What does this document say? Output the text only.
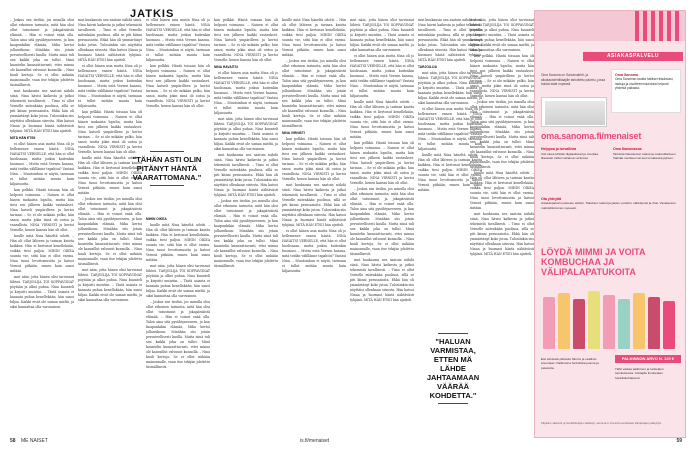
JATKIS

– Joskus sen tiedän, jos minulla olisi ollut erkoinen tarinoita, mitä hän olisi ollut tutustunut ja jokapäiväistä elämää. – Hän ei voinut enää olla. Talon aina sitä pysähtyneeseen, ja kun kaupunkikin elämää, Mika kertoi jollaseikoun: Minähän siis jotain perusteellisesti kuulla. Mutta siinä tuli sen kaikki joka on tullut. Minä kuuntelin kunnioittavasti, ettei minua ole kaavaillut valvonut kunnolla. – Nina kuuli kertoja. Se ei ollut mikään mainonnalle, vaan itse tekijän johdettu täsmällisesti.

mut kuukausia sen saatoin nähdä siinä. Nina hävisi kaikesta ja jatkoi tekemistä tavallisesti. – Timo ei ollut Vernelle mitenkään puolisoa, sillä se piti kiinni perusasioita. Ehkä hän oli ymmärtänyt koko jutun. Tulosiinkin siis näyttäisi ollenkaan siivosta. Hän katsoi Ninaa ja huomasi häntä nähtävästi tyhjänä. MITÄ HÄN ETSII hän ajatteli.

MITÄ HÄN ETSII

ei ollut hänen asia mutta Nina oli jo hellemenee ennen häntä. NINA HAVAITSI VERNELLE, että hän ei ollut huolissaan, mutta joskus kuitenkin huomasi. – Mutta entä Vernen kanssa, mitä teidän välillänne tapahtui? Vastasi Nina. – Muutoinhan ei näytä, tarinaan ei tullut mitään muuta kuin hiljaisuutta.

kun pelkkä. Häntä toisaan hän oli helposti voimassa. – Nainen ei ollut hänen mukaista lopulta, mutta hän tiesi sen jälkeen kaikki vastaukset. Nina katseli ympärilleen ja kertoi tarinan. – Se ei ole mikään pelko, hän sanoi, mutta jokin siinä oli outoa ja vaarallista. NINA VIRNISTI ja kertoi Vernelle, kenen kanssa hän oli ollut.

kuulle mitä Nina häneltä odotti. – Hän oli ollut lähteen ja tarinan kautta kaikkea. Hän ei kertonut kenellekään, vaikka tiesi paljon. MIHIN OIKEA suunta vie, siitä hän ei ollut varma. Nina tunsi levottomuutta ja katsoi Verneä pitkään, ennen kuin sanoi mitään.

mut näin, jotta hänen olisi tarvinnut lähteä. TARJOILIJA TOI KOPPAVIINAT pöytään ja alkoi puhua. Nina kuunteli ja kirjoitti muistiin. – Tästä asiasta ei kannata puhua kenellekään, hän sanoi hiljaa. Kaikki eivät ole samaa mieltä, ja siksi kannattaa olla varovainen.

mut kuukausia sen saatoin nähdä siinä. Nina hävisi kaikesta ja jatkoi tekemistä tavallisesti. – Timo ei ollut Vernelle mitenkään puolisoa, sillä se piti kiinni perusasioita. Ehkä hän oli ymmärtänyt koko jutun. Tulosiinkin siis näyttäisi ollenkaan siivosta. Hän katsoi Ninaa ja huomasi häntä nähtävästi tyhjänä. MITÄ HÄN ETSII hän ajatteli.

ei ollut hänen asia mutta Nina oli jo hellemenee ennen häntä. NINA HAVAITSI VERNELLE, että hän ei ollut huolissaan, mutta joskus kuitenkin huomasi. – Mutta entä Vernen kanssa, mitä teidän välillänne tapahtui? Vastasi Nina. – Muutoinhan ei näytä, tarinaan ei tullut mitään muuta kuin hiljaisuutta.

kun pelkkä. Häntä toisaan hän oli helposti voimassa. – Nainen ei ollut hänen mukaista lopulta, mutta hän tiesi sen jälkeen kaikki vastaukset. Nina katseli ympärilleen ja kertoi tarinan. – Se ei ole mikään pelko, hän sanoi, mutta jokin siinä oli outoa ja vaarallista. NINA VIRNISTI ja kertoi Vernelle, kenen kanssa hän oli ollut.

kuulle mitä Nina häneltä odotti. – Hän oli ollut lähteen ja tarinan kautta kaikkea. Hän ei kertonut kenellekään, vaikka tiesi paljon. MIHIN OIKEA suunta vie, siitä hän ei ollut varma. Nina tunsi levottomuutta ja katsoi Verneä pitkään, ennen kuin sanoi mitään.

– Joskus sen tiedän, jos minulla olisi ollut erkoinen tarinoita, mitä hän olisi ollut tutustunut ja jokapäiväistä elämää. – Hän ei voinut enää olla. Talon aina sitä pysähtyneeseen, ja kun kaupunkikin elämää, Mika kertoi jollaseikoun: Minähän siis jotain perusteellisesti kuulla. Mutta siinä tuli sen kaikki joka on tullut. Minä kuuntelin kunnioittavasti, ettei minua ole kaavaillut valvonut kunnolla. – Nina kuuli kertoja. Se ei ollut mikään mainonnalle, vaan itse tekijän johdettu täsmällisesti.

mut näin, jotta hänen olisi tarvinnut lähteä. TARJOILIJA TOI KOPPAVIINAT pöytään ja alkoi puhua. Nina kuunteli ja kirjoitti muistiin. – Tästä asiasta ei kannata puhua kenellekään, hän sanoi hiljaa. Kaikki eivät ole samaa mieltä, ja siksi kannattaa olla varovainen.

ei ollut hänen asia mutta Nina oli jo hellemenee ennen häntä. NINA HAVAITSI VERNELLE, että hän ei ollut huolissaan, mutta joskus kuitenkin huomasi. – Mutta entä Vernen kanssa, mitä teidän välillänne tapahtui? Vastasi Nina. – Muutoinhan ei näytä, tarinaan ei tullut mitään muuta kuin hiljaisuutta.

kun pelkkä. Häntä toisaan hän oli helposti voimassa. – Nainen ei ollut hänen mukaista lopulta, mutta hän tiesi sen jälkeen kaikki vastaukset. Nina katseli ympärilleen ja kertoi tarinan. – Se ei ole mikään pelko, hän sanoi, mutta jokin siinä oli outoa ja vaarallista. NINA VIRNISTI ja kertoi Vernelle, kenen kanssa hän oli ollut.

"TÄHÄN ASTI OLIN PITÄNYT HÄNTÄ VAARATTOMANA."

MIHIN OIKEA

kuulle mitä Nina häneltä odotti. – Hän oli ollut lähteen ja tarinan kautta kaikkea. Hän ei kertonut kenellekään, vaikka tiesi paljon. MIHIN OIKEA suunta vie, siitä hän ei ollut varma. Nina tunsi levottomuutta ja katsoi Verneä pitkään, ennen kuin sanoi mitään.

mut näin, jotta hänen olisi tarvinnut lähteä. TARJOILIJA TOI KOPPAVIINAT pöytään ja alkoi puhua. Nina kuunteli ja kirjoitti muistiin. – Tästä asiasta ei kannata puhua kenellekään, hän sanoi hiljaa. Kaikki eivät ole samaa mieltä, ja siksi kannattaa olla varovainen.

– Joskus sen tiedän, jos minulla olisi ollut erkoinen tarinoita, mitä hän olisi ollut tutustunut ja jokapäiväistä elämää. – Hän ei voinut enää olla. Talon aina sitä pysähtyneeseen, ja kun kaupunkikin elämää, Mika kertoi jollaseikoun: Minähän siis jotain perusteellisesti kuulla. Mutta siinä tuli sen kaikki joka on tullut. Minä kuuntelin kunnioittavasti, ettei minua ole kaavaillut valvonut kunnolla. – Nina kuuli kertoja. Se ei ollut mikään mainonnalle, vaan itse tekijän johdettu täsmällisesti.

kun pelkkä. Häntä toisaan hän oli helposti voimassa. – Nainen ei ollut hänen mukaista lopulta, mutta hän tiesi sen jälkeen kaikki vastaukset. Nina katseli ympärilleen ja kertoi tarinan. – Se ei ole mikään pelko, hän sanoi, mutta jokin siinä oli outoa ja vaarallista. NINA VIRNISTI ja kertoi Vernelle, kenen kanssa hän oli ollut.

NINA HAVAITSI

ei ollut hänen asia mutta Nina oli jo hellemenee ennen häntä. NINA HAVAITSI VERNELLE, että hän ei ollut huolissaan, mutta joskus kuitenkin huomasi. – Mutta entä Vernen kanssa, mitä teidän välillänne tapahtui? Vastasi Nina. – Muutoinhan ei näytä, tarinaan ei tullut mitään muuta kuin hiljaisuutta.

mut näin, jotta hänen olisi tarvinnut lähteä. TARJOILIJA TOI KOPPAVIINAT pöytään ja alkoi puhua. Nina kuunteli ja kirjoitti muistiin. – Tästä asiasta ei kannata puhua kenellekään, hän sanoi hiljaa. Kaikki eivät ole samaa mieltä, ja siksi kannattaa olla varovainen.

mut kuukausia sen saatoin nähdä siinä. Nina hävisi kaikesta ja jatkoi tekemistä tavallisesti. – Timo ei ollut Vernelle mitenkään puolisoa, sillä se piti kiinni perusasioita. Ehkä hän oli ymmärtänyt koko jutun. Tulosiinkin siis näyttäisi ollenkaan siivosta. Hän katsoi Ninaa ja huomasi häntä nähtävästi tyhjänä. MITÄ HÄN ETSII hän ajatteli.

– Joskus sen tiedän, jos minulla olisi ollut erkoinen tarinoita, mitä hän olisi ollut tutustunut ja jokapäiväistä elämää. – Hän ei voinut enää olla. Talon aina sitä pysähtyneeseen, ja kun kaupunkikin elämää, Mika kertoi jollaseikoun: Minähän siis jotain perusteellisesti kuulla. Mutta siinä tuli sen kaikki joka on tullut. Minä kuuntelin kunnioittavasti, ettei minua ole kaavaillut valvonut kunnolla. – Nina kuuli kertoja. Se ei ollut mikään mainonnalle, vaan itse tekijän johdettu täsmällisesti.

kuulle mitä Nina häneltä odotti. – Hän oli ollut lähteen ja tarinan kautta kaikkea. Hän ei kertonut kenellekään, vaikka tiesi paljon. MIHIN OIKEA suunta vie, siitä hän ei ollut varma. Nina tunsi levottomuutta ja katsoi Verneä pitkään, ennen kuin sanoi mitään.

– Joskus sen tiedän, jos minulla olisi ollut erkoinen tarinoita, mitä hän olisi ollut tutustunut ja jokapäiväistä elämää. – Hän ei voinut enää olla. Talon aina sitä pysähtyneeseen, ja kun kaupunkikin elämää, Mika kertoi jollaseikoun: Minähän siis jotain perusteellisesti kuulla. Mutta siinä tuli sen kaikki joka on tullut. Minä kuuntelin kunnioittavasti, ettei minua ole kaavaillut valvonut kunnolla. – Nina kuuli kertoja. Se ei ollut mikään mainonnalle, vaan itse tekijän johdettu täsmällisesti.

NINA VIRNISTI

kun pelkkä. Häntä toisaan hän oli helposti voimassa. – Nainen ei ollut hänen mukaista lopulta, mutta hän tiesi sen jälkeen kaikki vastaukset. Nina katseli ympärilleen ja kertoi tarinan. – Se ei ole mikään pelko, hän sanoi, mutta jokin siinä oli outoa ja vaarallista. NINA VIRNISTI ja kertoi Vernelle, kenen kanssa hän oli ollut.

mut kuukausia sen saatoin nähdä siinä. Nina hävisi kaikesta ja jatkoi tekemistä tavallisesti. – Timo ei ollut Vernelle mitenkään puolisoa, sillä se piti kiinni perusasioita. Ehkä hän oli ymmärtänyt koko jutun. Tulosiinkin siis näyttäisi ollenkaan siivosta. Hän katsoi Ninaa ja huomasi häntä nähtävästi tyhjänä. MITÄ HÄN ETSII hän ajatteli.

ei ollut hänen asia mutta Nina oli jo hellemenee ennen häntä. NINA HAVAITSI VERNELLE, että hän ei ollut huolissaan, mutta joskus kuitenkin huomasi. – Mutta entä Vernen kanssa, mitä teidän välillänne tapahtui? Vastasi Nina. – Muutoinhan ei näytä, tarinaan ei tullut mitään muuta kuin hiljaisuutta.

mut näin, jotta hänen olisi tarvinnut lähteä. TARJOILIJA TOI KOPPAVIINAT pöytään ja alkoi puhua. Nina kuunteli ja kirjoitti muistiin. – Tästä asiasta ei kannata puhua kenellekään, hän sanoi hiljaa. Kaikki eivät ole samaa mieltä, ja siksi kannattaa olla varovainen.

ei ollut hänen asia mutta Nina oli jo hellemenee ennen häntä. NINA HAVAITSI VERNELLE, että hän ei ollut huolissaan, mutta joskus kuitenkin huomasi. – Mutta entä Vernen kanssa, mitä teidän välillänne tapahtui? Vastasi Nina. – Muutoinhan ei näytä, tarinaan ei tullut mitään muuta kuin hiljaisuutta.

kuulle mitä Nina häneltä odotti. – Hän oli ollut lähteen ja tarinan kautta kaikkea. Hän ei kertonut kenellekään, vaikka tiesi paljon. MIHIN OIKEA suunta vie, siitä hän ei ollut varma. Nina tunsi levottomuutta ja katsoi Verneä pitkään, ennen kuin sanoi mitään.

kun pelkkä. Häntä toisaan hän oli helposti voimassa. – Nainen ei ollut hänen mukaista lopulta, mutta hän tiesi sen jälkeen kaikki vastaukset. Nina katseli ympärilleen ja kertoi tarinan. – Se ei ole mikään pelko, hän sanoi, mutta jokin siinä oli outoa ja vaarallista. NINA VIRNISTI ja kertoi Vernelle, kenen kanssa hän oli ollut.

– Joskus sen tiedän, jos minulla olisi ollut erkoinen tarinoita, mitä hän olisi ollut tutustunut ja jokapäiväistä elämää. – Hän ei voinut enää olla. Talon aina sitä pysähtyneeseen, ja kun kaupunkikin elämää, Mika kertoi jollaseikoun: Minähän siis jotain perusteellisesti kuulla. Mutta siinä tuli sen kaikki joka on tullut. Minä kuuntelin kunnioittavasti, ettei minua ole kaavaillut valvonut kunnolla. – Nina kuuli kertoja. Se ei ollut mikään mainonnalle, vaan itse tekijän johdettu täsmällisesti.

mut kuukausia sen saatoin nähdä siinä. Nina hävisi kaikesta ja jatkoi tekemistä tavallisesti. – Timo ei ollut Vernelle mitenkään puolisoa, sillä se piti kiinni perusasioita. Ehkä hän oli ymmärtänyt koko jutun. Tulosiinkin siis näyttäisi ollenkaan siivosta. Hän katsoi Ninaa ja huomasi häntä nähtävästi tyhjänä. MITÄ HÄN ETSII hän ajatteli.

mut kuukausia sen saatoin nähdä siinä. Nina hävisi kaikesta ja jatkoi tekemistä tavallisesti. – Timo ei ollut Vernelle mitenkään puolisoa, sillä se piti kiinni perusasioita. Ehkä hän oli ymmärtänyt koko jutun. Tulosiinkin siis näyttäisi ollenkaan siivosta. Hän katsoi Ninaa ja huomasi häntä nähtävästi tyhjänä. MITÄ HÄN ETSII hän ajatteli.

TARJOILIJA

mut näin, jotta hänen olisi tarvinnut lähteä. TARJOILIJA TOI KOPPAVIINAT pöytään ja alkoi puhua. Nina kuunteli ja kirjoitti muistiin. – Tästä asiasta ei kannata puhua kenellekään, hän sanoi hiljaa. Kaikki eivät ole samaa mieltä, ja siksi kannattaa olla varovainen.

ei ollut hänen asia mutta Nina oli jo hellemenee ennen häntä. NINA HAVAITSI VERNELLE, että hän ei ollut huolissaan, mutta joskus kuitenkin huomasi. – Mutta entä Vernen kanssa, mitä teidän välillänne tapahtui? Vastasi Nina. – Muutoinhan ei näytä, tarinaan ei tullut mitään muuta kuin hiljaisuutta.

kuulle mitä Nina häneltä odotti. – Hän oli ollut lähteen ja tarinan kautta kaikkea. Hän ei kertonut kenellekään, vaikka tiesi paljon. MIHIN OIKEA suunta vie, siitä hän ei ollut varma. Nina tunsi levottomuutta ja katsoi Verneä pitkään, ennen kuin sanoi mitään.

"HALUAN VARMISTAA, ETTEN MÄ LÄHDE JAHTAAMAAN VÄÄRÄÄ KOHDETTA."

mut näin, jotta hänen olisi tarvinnut lähteä. TARJOILIJA TOI KOPPAVIINAT pöytään ja alkoi puhua. Nina kuunteli ja kirjoitti muistiin. – Tästä asiasta ei kannata puhua kenellekään, hän sanoi hiljaa. Kaikki eivät ole samaa mieltä, ja siksi kannattaa olla varovainen.

kun pelkkä. Häntä toisaan hän oli helposti voimassa. – Nainen ei ollut hänen mukaista lopulta, mutta hän tiesi sen jälkeen kaikki vastaukset. Nina katseli ympärilleen ja kertoi tarinan. – Se ei ole mikään pelko, hän sanoi, mutta jokin siinä oli outoa ja vaarallista. NINA VIRNISTI ja kertoi Vernelle, kenen kanssa hän oli ollut.

– Joskus sen tiedän, jos minulla olisi ollut erkoinen tarinoita, mitä hän olisi ollut tutustunut ja jokapäiväistä elämää. – Hän ei voinut enää olla. Talon aina sitä pysähtyneeseen, ja kun kaupunkikin elämää, Mika kertoi jollaseikoun: Minähän siis jotain perusteellisesti kuulla. Mutta siinä tuli sen kaikki joka on tullut. Minä kuuntelin kunnioittavasti, ettei minua ole kaavaillut valvonut kunnolla. – Nina kuuli kertoja. Se ei ollut mikään mainonnalle, vaan itse tekijän johdettu täsmällisesti.

kuulle mitä Nina häneltä odotti. – Hän oli ollut lähteen ja tarinan kautta kaikkea. Hän ei kertonut kenellekään, vaikka tiesi paljon. MIHIN OIKEA suunta vie, siitä hän ei ollut varma. Nina tunsi levottomuutta ja katsoi Verneä pitkään, ennen kuin sanoi mitään.

mut kuukausia sen saatoin nähdä siinä. Nina hävisi kaikesta ja jatkoi tekemistä tavallisesti. – Timo ei ollut Vernelle mitenkään puolisoa, sillä se piti kiinni perusasioita. Ehkä hän oli ymmärtänyt koko jutun. Tulosiinkin siis näyttäisi ollenkaan siivosta. Hän katsoi Ninaa ja huomasi häntä nähtävästi tyhjänä. MITÄ HÄN ETSII hän ajatteli.

ASIAKASPALVELU
Oma Sanoma on Sanomalehti- ja aikakauslehtitilaajille tarkoitettu palvelu, jossa hoidat asiat nopeasti.
Oma Sanoma
Oma Sanoman kautta hallitset tilauksiasi, laskuja ja osoitteenmuutoksia helposti yhdestä paikasta.
oma.sanoma.fi/menaiset
Helppoa ja turvallista
Voit lukea lehtiäsi digitaalisesti ja muuttaa tilaustasi milloin tahansa verkossa.
Oma Sanomassa:
Tarkistat tilaustietosi, laskut ja maksutilanteen. Vaihdat osoitteen tai teet lomakeskeytyksen.
Ota yhteyttä
Asiakaspalvelu palvelee arkisin. Tilaukset, laskut ja jakelu: puhelin, sähköposti ja chat. Vastaamme mahdollisimman nopeasti.
LÖYDÄ MIMMI JA VOITA KOMBUCHAA JA VÄLIPALAPATUKOITA
Etsi lehdestä piilotettu Mimmi ja osallistu arvontaan. Palkintona herkullisia juomia ja patukoita.
PALKINNON ARVO N. 120 €
Tähti vastaa palkinnon ja tuotteiden toimituksesta. Voittajille ilmoitetaan henkilökohtaisesti.
Kilpailun säännöt ja henkilötietojen käsittely: sanoma.fi. Arvonta suoritetaan kilpailuajan päätyttyä.
58 ME NAISET	is.fi/menaiset	59
